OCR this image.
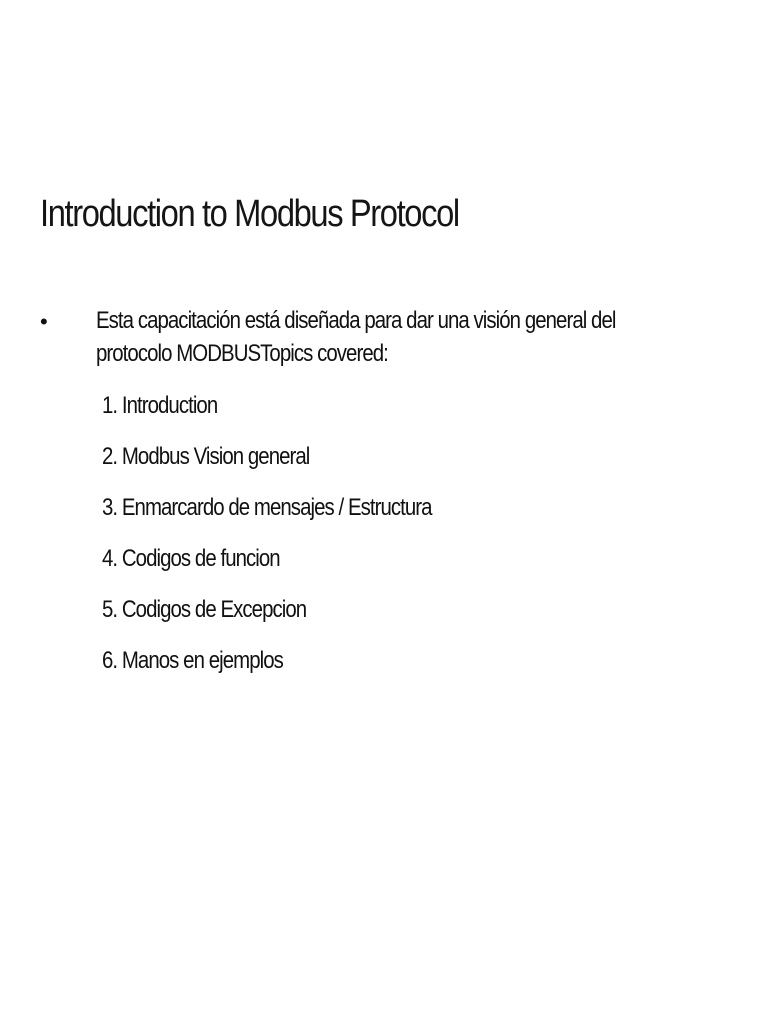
Introduction to Modbus Protocol
•	Esta capacitación está diseñada para dar una visión general del
protocolo MODBUSTopics covered:
1. Introduction
2. Modbus Vision general
3. Enmarcardo de mensajes / Estructura
4. Codigos de funcion
5. Codigos de Excepcion
6. Manos en ejemplos
